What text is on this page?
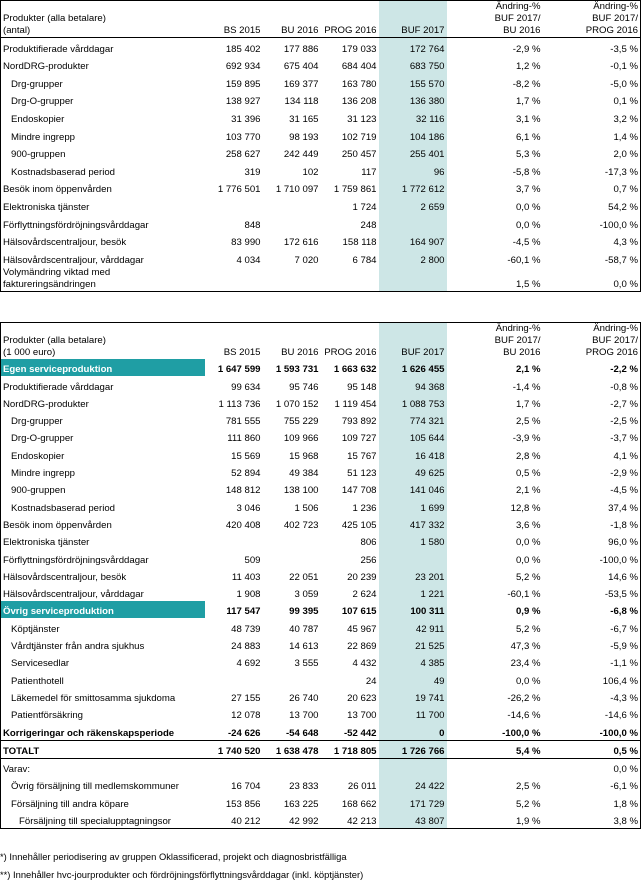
					Ändring-%	Ändring-%
Produkter (alla betalare)					BUF 2017/	BUF 2017/
(antal)	BS 2015	BU 2016	PROG 2016	BUF 2017	BU 2016	PROG 2016
Produktifierade vårddagar	185 402	177 886	179 033	172 764	-2,9 %	-3,5 %
NordDRG-produkter	692 934	675 404	684 404	683 750	1,2 %	-0,1 %
Drg-grupper	159 895	169 377	163 780	155 570	-8,2 %	-5,0 %
Drg-O-grupper	138 927	134 118	136 208	136 380	1,7 %	0,1 %
Endoskopier	31 396	31 165	31 123	32 116	3,1 %	3,2 %
Mindre ingrepp	103 770	98 193	102 719	104 186	6,1 %	1,4 %
900-gruppen	258 627	242 449	250 457	255 401	5,3 %	2,0 %
Kostnadsbaserad period	319	102	117	96	-5,8 %	-17,3 %
Besök inom öppenvården	1 776 501	1 710 097	1 759 861	1 772 612	3,7 %	0,7 %
Elektroniska tjänster			1 724	2 659	0,0 %	54,2 %
Förflyttningsfördröjningsvårddagar	848		248		0,0 %	-100,0 %
Hälsovårdscentraljour, besök	83 990	172 616	158 118	164 907	-4,5 %	4,3 %
Hälsovårdscentraljour, vårddagar	4 034	7 020	6 784	2 800	-60,1 %	-58,7 %
Volymändring viktad med						
faktureringsändringen					1,5 %	0,0 %
					Ändring-%	Ändring-%
Produkter (alla betalare)					BUF 2017/	BUF 2017/
(1 000 euro)	BS 2015	BU 2016	PROG 2016	BUF 2017	BU 2016	PROG 2016
Egen serviceproduktion	1 647 599	1 593 731	1 663 632	1 626 455	2,1 %	-2,2 %
Produktifierade vårddagar	99 634	95 746	95 148	94 368	-1,4 %	-0,8 %
NordDRG-produkter	1 113 736	1 070 152	1 119 454	1 088 753	1,7 %	-2,7 %
Drg-grupper	781 555	755 229	793 892	774 321	2,5 %	-2,5 %
Drg-O-grupper	111 860	109 966	109 727	105 644	-3,9 %	-3,7 %
Endoskopier	15 569	15 968	15 767	16 418	2,8 %	4,1 %
Mindre ingrepp	52 894	49 384	51 123	49 625	0,5 %	-2,9 %
900-gruppen	148 812	138 100	147 708	141 046	2,1 %	-4,5 %
Kostnadsbaserad period	3 046	1 506	1 236	1 699	12,8 %	37,4 %
Besök inom öppenvården	420 408	402 723	425 105	417 332	3,6 %	-1,8 %
Elektroniska tjänster			806	1 580	0,0 %	96,0 %
Förflyttningsfördröjningsvårddagar	509		256		0,0 %	-100,0 %
Hälsovårdscentraljour, besök	11 403	22 051	20 239	23 201	5,2 %	14,6 %
Hälsovårdscentraljour, vårddagar	1 908	3 059	2 624	1 221	-60,1 %	-53,5 %
Övrig serviceproduktion	117 547	99 395	107 615	100 311	0,9 %	-6,8 %
Köptjänster	48 739	40 787	45 967	42 911	5,2 %	-6,7 %
Vårdtjänster från andra sjukhus	24 883	14 613	22 869	21 525	47,3 %	-5,9 %
Servicesedlar	4 692	3 555	4 432	4 385	23,4 %	-1,1 %
Patienthotell			24	49	0,0 %	106,4 %
Läkemedel för smittosamma sjukdoma	27 155	26 740	20 623	19 741	-26,2 %	-4,3 %
Patientförsäkring	12 078	13 700	13 700	11 700	-14,6 %	-14,6 %
Korrigeringar och räkenskapsperiode	-24 626	-54 648	-52 442	0	-100,0 %	-100,0 %
TOTALT	1 740 520	1 638 478	1 718 805	1 726 766	5,4 %	0,5 %
Varav:						0,0 %
Övrig försäljning till medlemskommuner	16 704	23 833	26 011	24 422	2,5 %	-6,1 %
Försäljning till andra köpare	153 856	163 225	168 662	171 729	5,2 %	1,8 %
Försäljning till specialupptagningsor	40 212	42 992	42 213	43 807	1,9 %	3,8 %
*) Innehåller periodisering av gruppen Oklassificerad, projekt och diagnosbristfälliga
**) Innehåller hvc-jourprodukter och fördröjningsförflyttningsvårddagar (inkl. köptjänster)
